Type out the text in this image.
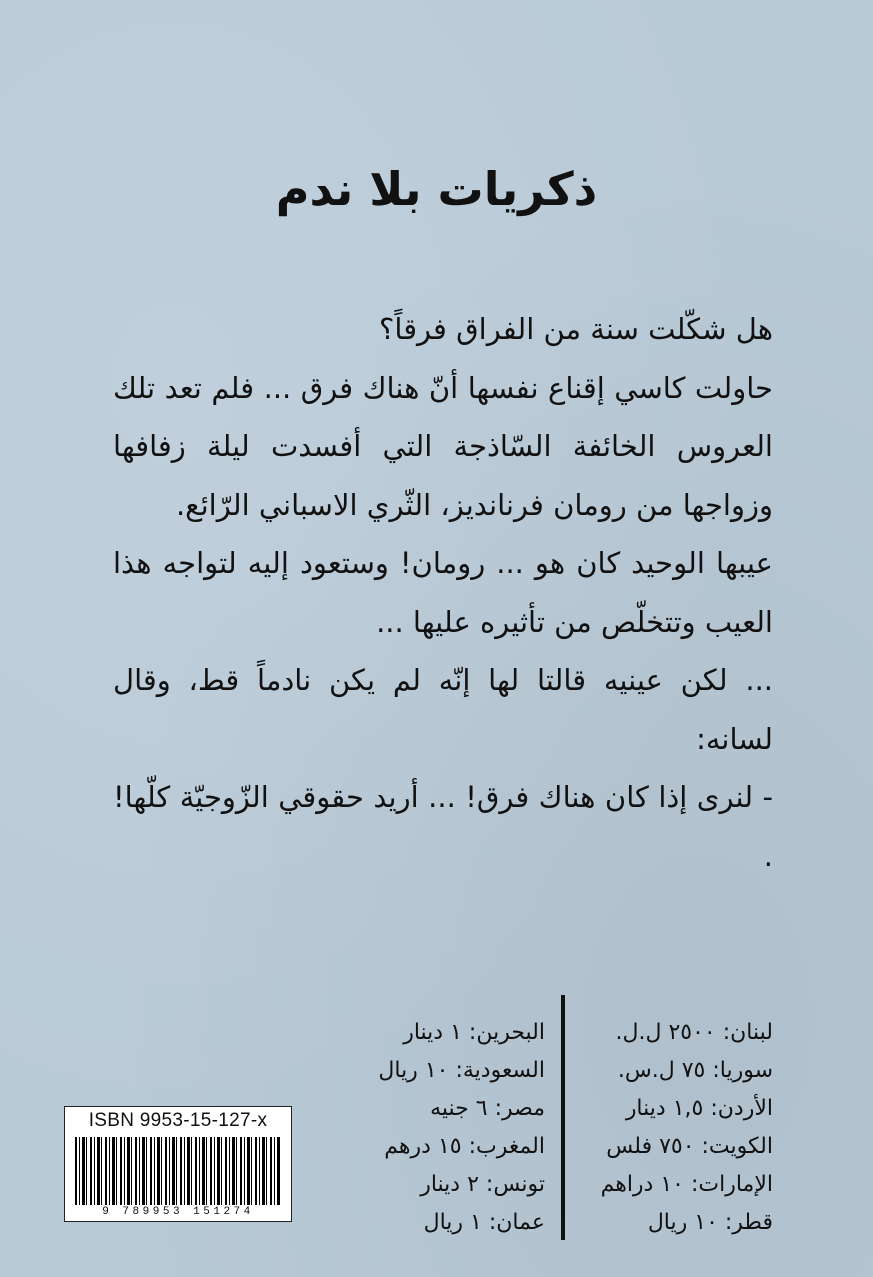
ذكريات بلا ندم

هل شكّلت سنة من الفراق فرقاً؟

حاولت كاسي إقناع نفسها أنّ هناك فرق ... فلم تعد تلك العروس الخائفة السّاذجة التي أفسدت ليلة زفافها وزواجها من رومان فرنانديز، الثّري الاسباني الرّائع.

عيبها الوحيد كان هو ... رومان! وستعود إليه لتواجه هذا العيب وتتخلّص من تأثيره عليها ...

... لكن عينيه قالتا لها إنّه لم يكن نادماً قط، وقال لسانه:

- لنرى إذا كان هناك فرق! ... أريد حقوقي الزّوجيّة كلّها! .

لبنان: ٢٥٠٠ ل.ل.
سوريا: ٧٥ ل.س.
الأردن: ١,٥ دينار
الكويت: ٧٥٠ فلس
الإمارات: ١٠ دراهم
قطر: ١٠ ريال
البحرين: ١ دينار
السعودية: ١٠ ريال
مصر: ٦ جنيه
المغرب: ١٥ درهم
تونس: ٢ دينار
عمان: ١ ريال
ISBN 9953-15-127-x
9 789953 151274
